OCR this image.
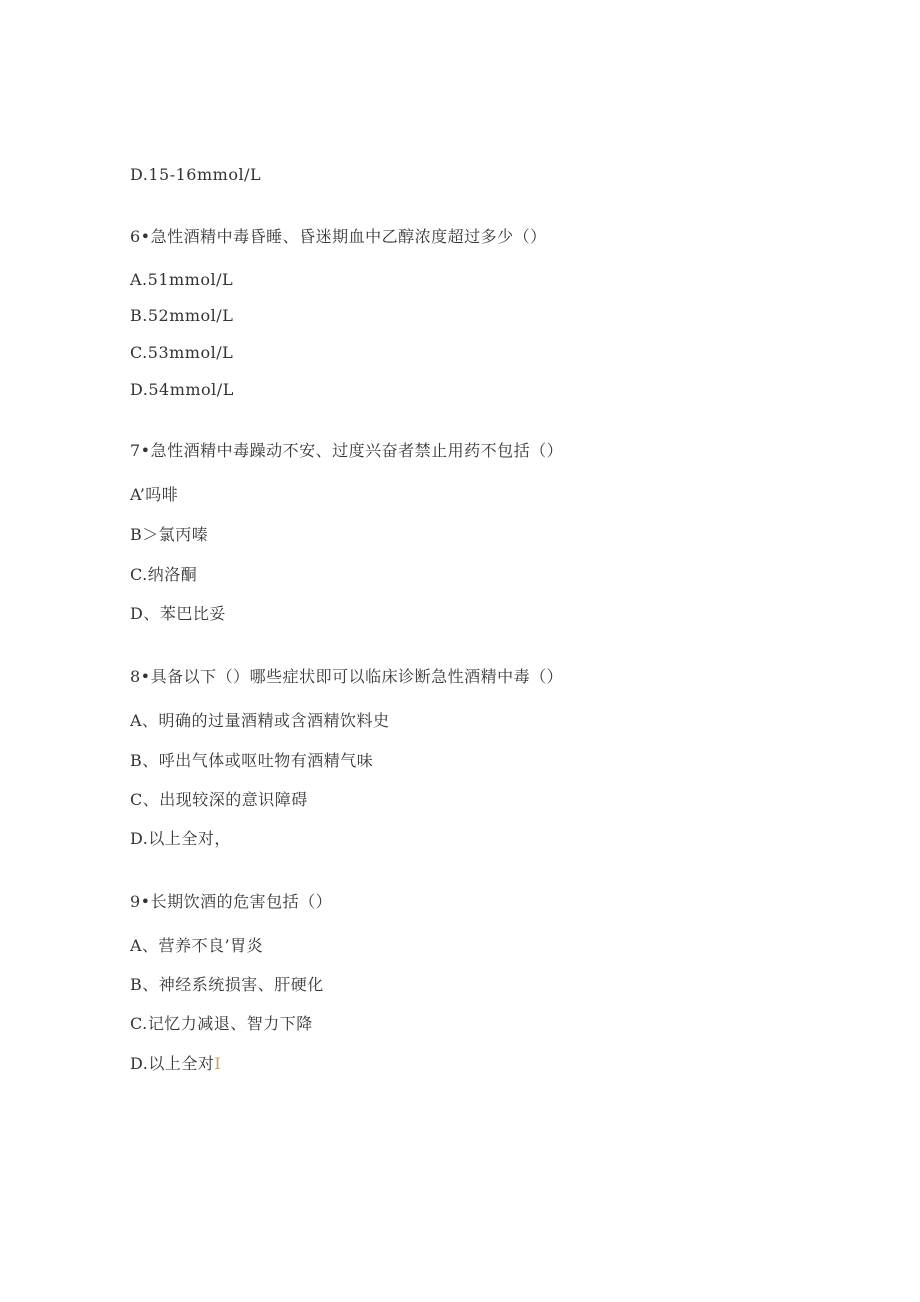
D.15-16mmol/L
6•急性酒精中毒昏睡、昏迷期血中乙醇浓度超过多少（）
A.51mmol/L
B.52mmol/L
C.53mmol/L
D.54mmol/L
7•急性酒精中毒躁动不安、过度兴奋者禁止用药不包括（）
A’吗啡
B＞氯丙嗪
C.纳洛酮
D、苯巴比妥
8•具备以下（）哪些症状即可以临床诊断急性酒精中毒（）
A、明确的过量酒精或含酒精饮料史
B、呼出气体或呕吐物有酒精气味
C、出现较深的意识障碍
D.以上全对，
9•长期饮酒的危害包括（）
A、营养不良’胃炎
B、神经系统损害、肝硬化
C.记忆力减退、智力下降
D.以上全对I
